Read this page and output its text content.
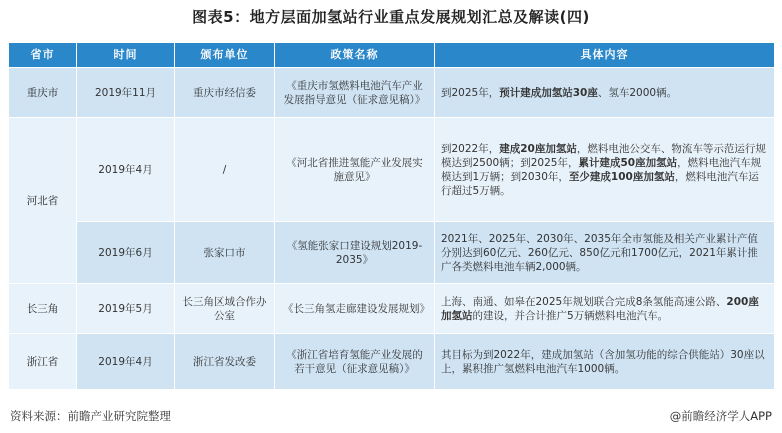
图表5：地方层面加氢站行业重点发展规划汇总及解读(四)
省市	时间	颁布单位	政策名称	具体内容
重庆市	2019年11月	重庆市经信委	《重庆市氢燃料电池汽车产业发展指导意见（征求意见稿）》	到2025年，预计建成加氢站30座、氢车2000辆。
河北省	2019年4月	/	《河北省推进氢能产业发展实施意见》	到2022年，建成20座加氢站，燃料电池公交车、物流车等示范运行规模达到2500辆；到2025年，累计建成50座加氢站，燃料电池汽车规模达到1万辆；到2030年，至少建成100座加氢站，燃料电池汽车运行超过5万辆。
	2019年6月	张家口市	《氢能张家口建设规划2019-2035》	2021年、2025年、2030年、2035年全市氢能及相关产业累计产值分别达到60亿元、260亿元、850亿元和1700亿元，2021年累计推广各类燃料电池车辆2,000辆。
长三角	2019年5月	长三角区域合作办公室	《长三角氢走廊建设发展规划》	上海、南通、如皋在2025年规划联合完成8条氢能高速公路、200座加氢站的建设，并合计推广5万辆燃料电池汽车。
浙江省	2019年4月	浙江省发改委	《浙江省培育氢能产业发展的若干意见（征求意见稿）》	其目标为到2022年，建成加氢站（含加氢功能的综合供能站）30座以上，累积推广氢燃料电池汽车1000辆。
资料来源：前瞻产业研究院整理	@前瞻经济学人APP
